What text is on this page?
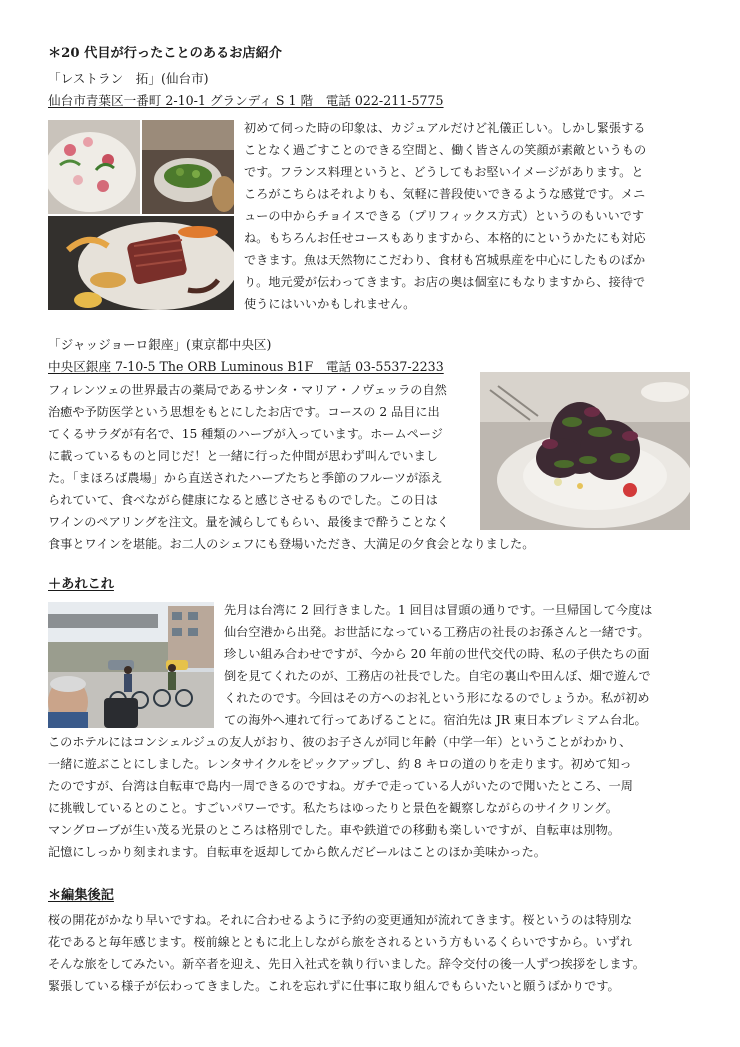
＊20 代目が行ったことのあるお店紹介
「レストラン　拓」(仙台市)
仙台市青葉区一番町 2-10-1 グランディ S 1 階　電話 022-211-5775
初めて伺った時の印象は、カジュアルだけど礼儀正しい。しかし緊張する
ことなく過ごすことのできる空間と、働く皆さんの笑顔が素敵というもの
です。フランス料理というと、どうしてもお堅いイメージがあります。と
ころがこちらはそれよりも、気軽に普段使いできるような感覚です。メニ
ューの中からチョイスできる（プリフィックス方式）というのもいいです
ね。もちろんお任せコースもありますから、本格的にというかたにも対応
できます。魚は天然物にこだわり、食材も宮城県産を中心にしたものばか
り。地元愛が伝わってきます。お店の奥は個室にもなりますから、接待で
使うにはいいかもしれません。
「ジャッジョーロ銀座」(東京都中央区)
中央区銀座 7-10-5 The ORB Luminous B1F　電話 03-5537-2233
フィレンツェの世界最古の薬局であるサンタ・マリア・ノヴェッラの自然
治癒や予防医学という思想をもとにしたお店です。コースの 2 品目に出
てくるサラダが有名で、15 種類のハーブが入っています。ホームページ
に載っているものと同じだ！と一緒に行った仲間が思わず叫んでいまし
た。「まほろば農場」から直送されたハーブたちと季節のフルーツが添え
られていて、食べながら健康になると感じさせるものでした。この日は
ワインのペアリングを注文。量を減らしてもらい、最後まで酔うことなく
食事とワインを堪能。お二人のシェフにも登場いただき、大満足の夕食会となりました。
＋あれこれ
先月は台湾に 2 回行きました。1 回目は冒頭の通りです。一旦帰国して今度は
仙台空港から出発。お世話になっている工務店の社長のお孫さんと一緒です。
珍しい組み合わせですが、今から 20 年前の世代交代の時、私の子供たちの面
倒を見てくれたのが、工務店の社長でした。自宅の裏山や田んぼ、畑で遊んで
くれたのです。今回はその方へのお礼という形になるのでしょうか。私が初め
ての海外へ連れて行ってあげることに。宿泊先は JR 東日本プレミアム台北。
このホテルにはコンシェルジュの友人がおり、彼のお子さんが同じ年齢（中学一年）ということがわかり、
一緒に遊ぶことにしました。レンタサイクルをピックアップし、約 8 キロの道のりを走ります。初めて知っ
たのですが、台湾は自転車で島内一周できるのですね。ガチで走っている人がいたので聞いたところ、一周
に挑戦しているとのこと。すごいパワーです。私たちはゆったりと景色を観察しながらのサイクリング。
マングローブが生い茂る光景のところは格別でした。車や鉄道での移動も楽しいですが、自転車は別物。
記憶にしっかり刻まれます。自転車を返却してから飲んだビールはことのほか美味かった。
＊編集後記
桜の開花がかなり早いですね。それに合わせるように予約の変更通知が流れてきます。桜というのは特別な
花であると毎年感じます。桜前線とともに北上しながら旅をされるという方もいるくらいですから。いずれ
そんな旅をしてみたい。新卒者を迎え、先日入社式を執り行いました。辞令交付の後一人ずつ挨拶をします。
緊張している様子が伝わってきました。これを忘れずに仕事に取り組んでもらいたいと願うばかりです。
